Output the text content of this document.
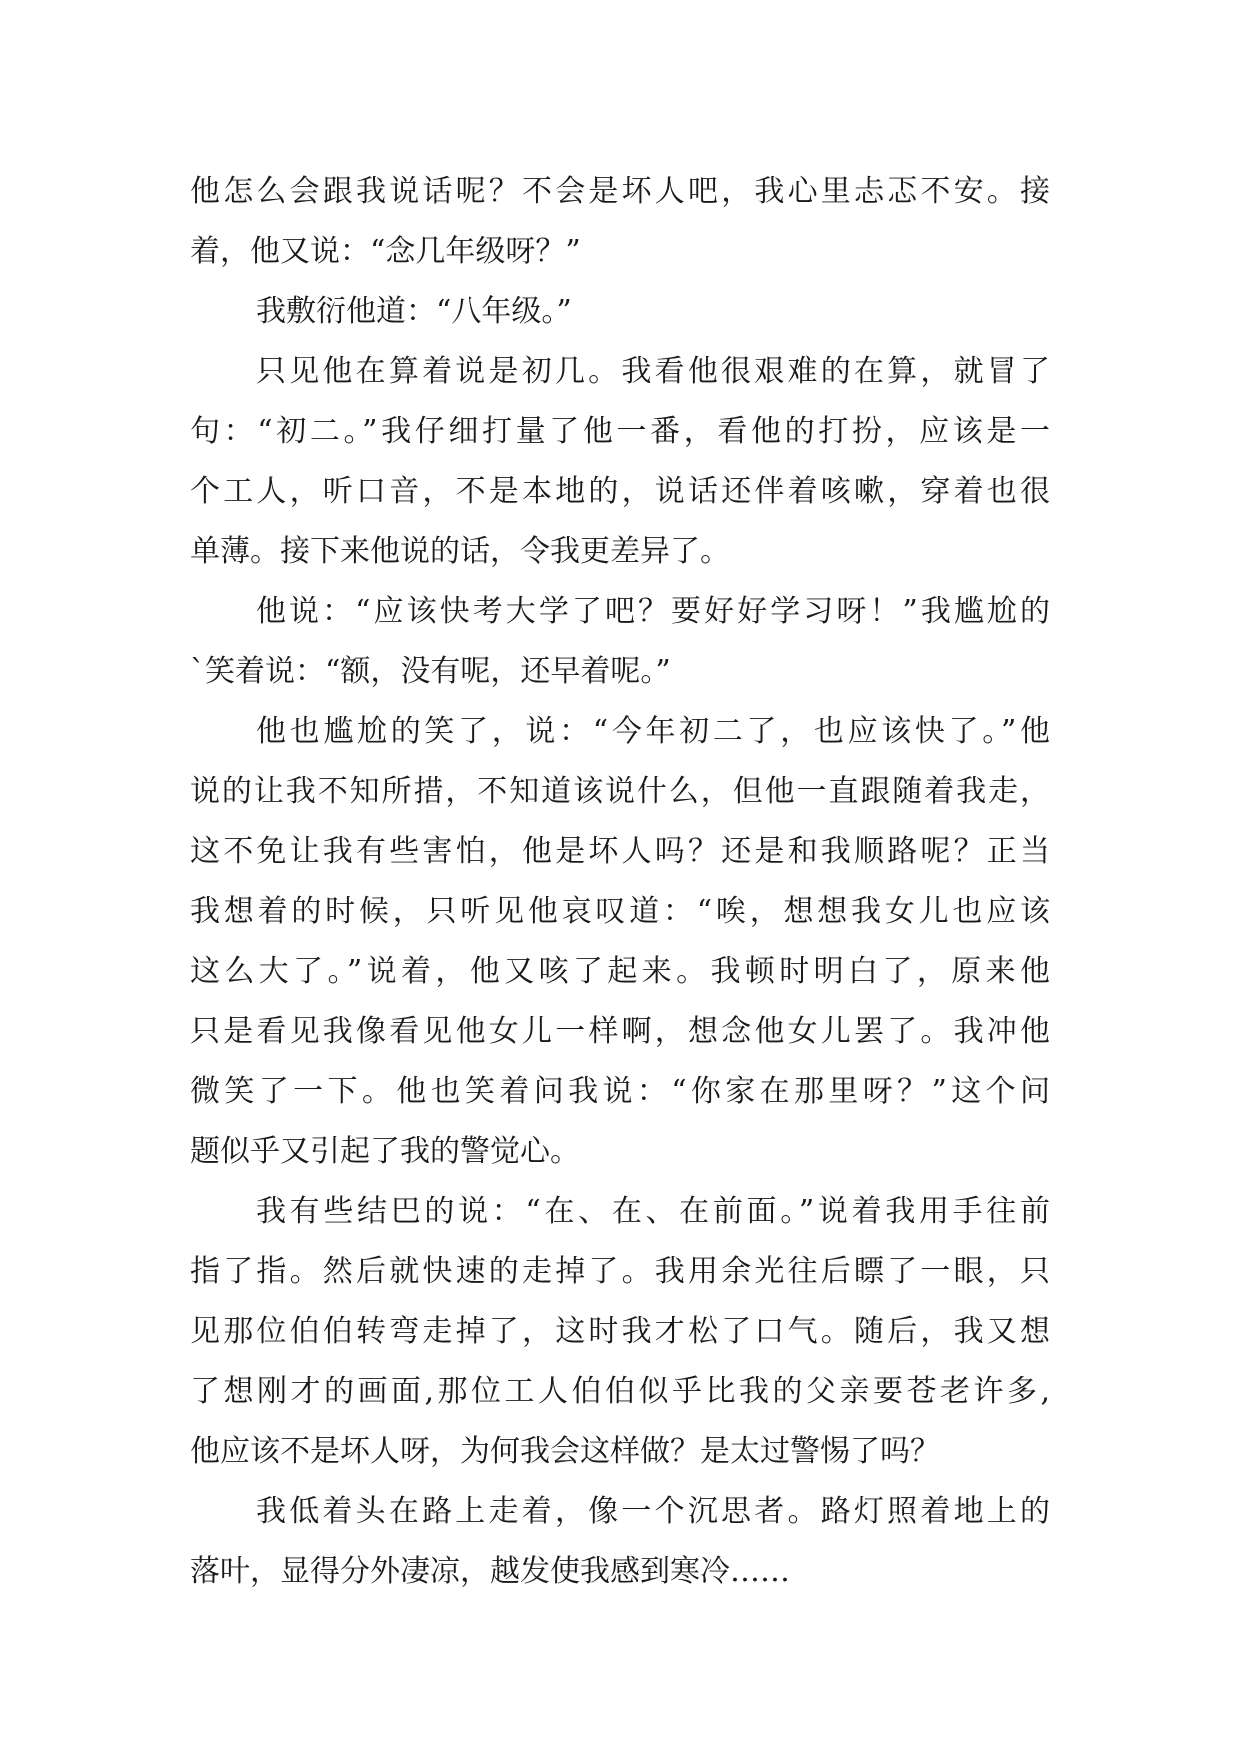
他怎么会跟我说话呢？不会是坏人吧，我心里忐忑不安。接
着，他又说：“念几年级呀？”
我敷衍他道：“八年级。”
只见他在算着说是初几。我看他很艰难的在算，就冒了
句：“初二。”我仔细打量了他一番，看他的打扮，应该是一
个工人，听口音，不是本地的，说话还伴着咳嗽，穿着也很
单薄。接下来他说的话，令我更差异了。
他说：“应该快考大学了吧？要好好学习呀！”我尴尬的
`笑着说：“额，没有呢，还早着呢。”
他也尴尬的笑了，说：“今年初二了，也应该快了。”他
说的让我不知所措，不知道该说什么，但他一直跟随着我走，
这不免让我有些害怕，他是坏人吗？还是和我顺路呢？正当
我想着的时候，只听见他哀叹道：“唉，想想我女儿也应该
这么大了。”说着，他又咳了起来。我顿时明白了，原来他
只是看见我像看见他女儿一样啊，想念他女儿罢了。我冲他
微笑了一下。他也笑着问我说：“你家在那里呀？”这个问
题似乎又引起了我的警觉心。
我有些结巴的说：“在、在、在前面。”说着我用手往前
指了指。然后就快速的走掉了。我用余光往后瞟了一眼，只
见那位伯伯转弯走掉了，这时我才松了口气。随后，我又想
了想刚才的画面,那位工人伯伯似乎比我的父亲要苍老许多,
他应该不是坏人呀，为何我会这样做？是太过警惕了吗？
我低着头在路上走着，像一个沉思者。路灯照着地上的
落叶，显得分外凄凉，越发使我感到寒冷……
